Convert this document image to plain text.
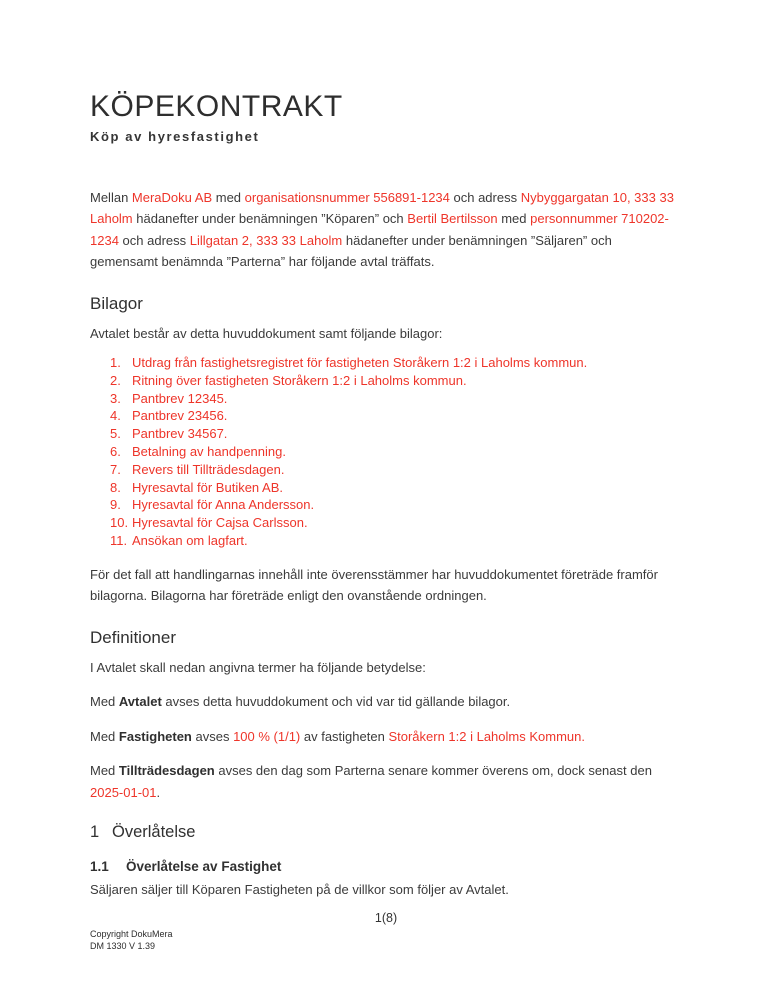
KÖPEKONTRAKT
Köp av hyresfastighet

Mellan MeraDoku AB med organisationsnummer 556891-1234 och adress Nybyggargatan 10, 333 33 Laholm hädanefter under benämningen ”Köparen” och Bertil Bertilsson med personnummer 710202-1234 och adress Lillgatan 2, 333 33 Laholm hädanefter under benämningen ”Säljaren” och gemensamt benämnda ”Parterna” har följande avtal träffats.

Bilagor

Avtalet består av detta huvuddokument samt följande bilagor:

1. Utdrag från fastighetsregistret för fastigheten Storåkern 1:2 i Laholms kommun.
2. Ritning över fastigheten Storåkern 1:2 i Laholms kommun.
3. Pantbrev 12345.
4. Pantbrev 23456.
5. Pantbrev 34567.
6. Betalning av handpenning.
7. Revers till Tillträdesdagen.
8. Hyresavtal för Butiken AB.
9. Hyresavtal för Anna Andersson.
10. Hyresavtal för Cajsa Carlsson.
11. Ansökan om lagfart.

För det fall att handlingarnas innehåll inte överensstämmer har huvuddokumentet företräde framför bilagorna. Bilagorna har företräde enligt den ovanstående ordningen.

Definitioner

I Avtalet skall nedan angivna termer ha följande betydelse:

Med Avtalet avses detta huvuddokument och vid var tid gällande bilagor.

Med Fastigheten avses 100 % (1/1) av fastigheten Storåkern 1:2 i Laholms Kommun.

Med Tillträdesdagen avses den dag som Parterna senare kommer överens om, dock senast den 2025-01-01.

1 Överlåtelse
1.1	Överlåtelse av Fastighet

Säljaren säljer till Köparen Fastigheten på de villkor som följer av Avtalet.

1(8)
Copyright DokuMera
DM 1330 V 1.39
